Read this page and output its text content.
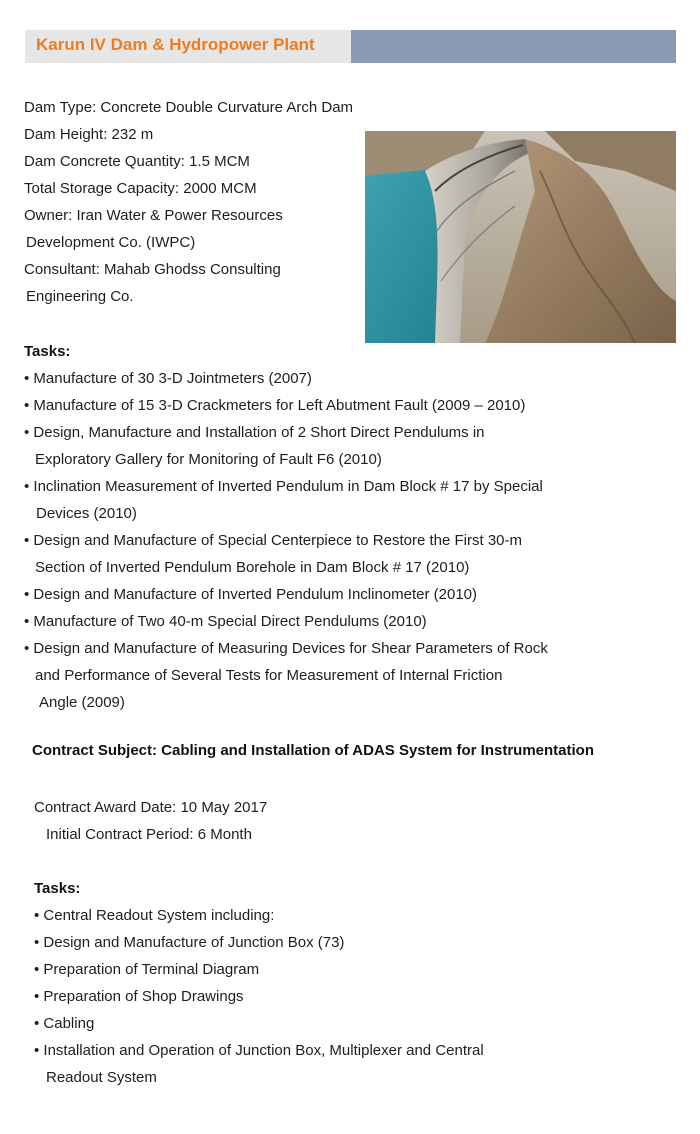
Karun IV Dam & Hydropower Plant
Dam Type: Concrete Double Curvature Arch Dam
Dam Height: 232 m
Dam Concrete Quantity: 1.5 MCM
Total Storage Capacity: 2000 MCM
Owner: Iran Water & Power Resources
Development Co. (IWPC)
Consultant: Mahab Ghodss Consulting
Engineering Co.
Tasks:
• Manufacture of 30 3-D Jointmeters (2007)
• Manufacture of 15 3-D Crackmeters for Left Abutment Fault (2009 – 2010)
• Design, Manufacture and Installation of 2 Short Direct Pendulums in
Exploratory Gallery for Monitoring of Fault F6 (2010)
• Inclination Measurement of Inverted Pendulum in Dam Block # 17 by Special
Devices (2010)
• Design and Manufacture of Special Centerpiece to Restore the First 30-m
Section of Inverted Pendulum Borehole in Dam Block # 17 (2010)
• Design and Manufacture of Inverted Pendulum Inclinometer (2010)
• Manufacture of Two 40-m Special Direct Pendulums (2010)
• Design and Manufacture of Measuring Devices for Shear Parameters of Rock
and Performance of Several Tests for Measurement of Internal Friction
Angle (2009)
Contract Subject: Cabling and Installation of ADAS System for Instrumentation
Contract Award Date: 10 May 2017
Initial Contract Period: 6 Month
Tasks:
• Central Readout System including:
• Design and Manufacture of Junction Box (73)
• Preparation of Terminal Diagram
• Preparation of Shop Drawings
• Cabling
• Installation and Operation of Junction Box, Multiplexer and Central
Readout System
